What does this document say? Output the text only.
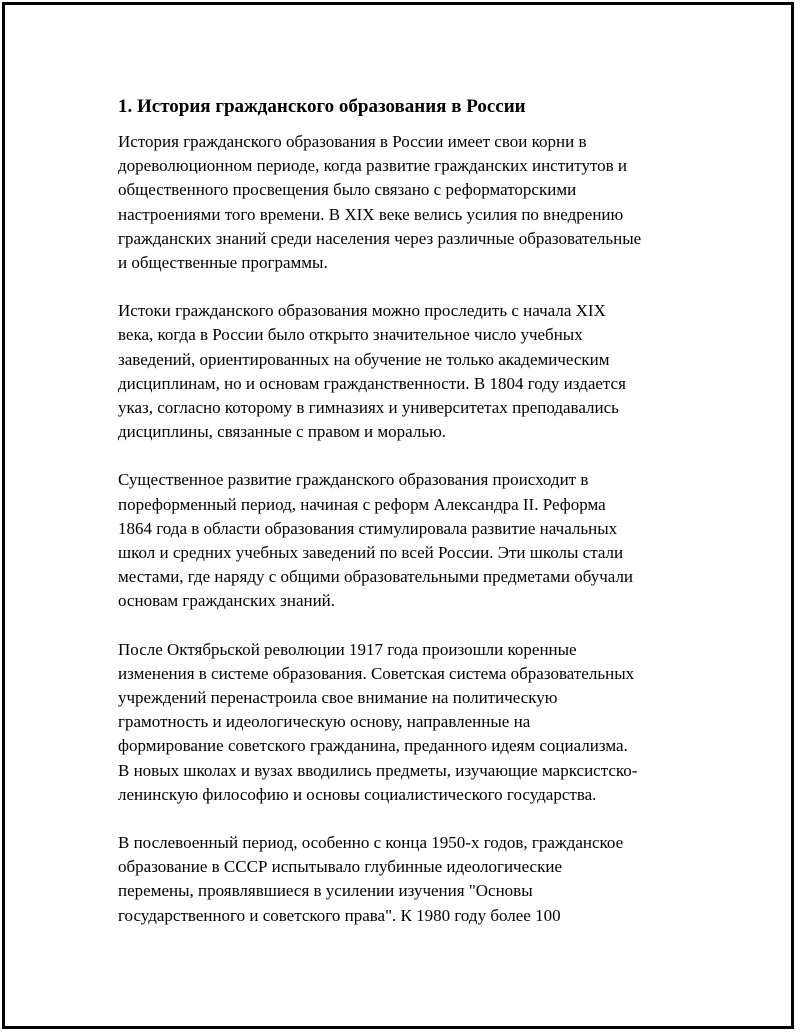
1. История гражданского образования в России
История гражданского образования в России имеет свои корни в
дореволюционном периоде, когда развитие гражданских институтов и
общественного просвещения было связано с реформаторскими
настроениями того времени. В XIX веке велись усилия по внедрению
гражданских знаний среди населения через различные образовательные
и общественные программы.
Истоки гражданского образования можно проследить с начала XIX
века, когда в России было открыто значительное число учебных
заведений, ориентированных на обучение не только академическим
дисциплинам, но и основам гражданственности. В 1804 году издается
указ, согласно которому в гимназиях и университетах преподавались
дисциплины, связанные с правом и моралью.
Существенное развитие гражданского образования происходит в
пореформенный период, начиная с реформ Александра II. Реформа
1864 года в области образования стимулировала развитие начальных
школ и средних учебных заведений по всей России. Эти школы стали
местами, где наряду с общими образовательными предметами обучали
основам гражданских знаний.
После Октябрьской революции 1917 года произошли коренные
изменения в системе образования. Советская система образовательных
учреждений перенастроила свое внимание на политическую
грамотность и идеологическую основу, направленные на
формирование советского гражданина, преданного идеям социализма.
В новых школах и вузах вводились предметы, изучающие марксистско-
ленинскую философию и основы социалистического государства.
В послевоенный период, особенно с конца 1950-х годов, гражданское
образование в СССР испытывало глубинные идеологические
перемены, проявлявшиеся в усилении изучения "Основы
государственного и советского права". К 1980 году более 100
